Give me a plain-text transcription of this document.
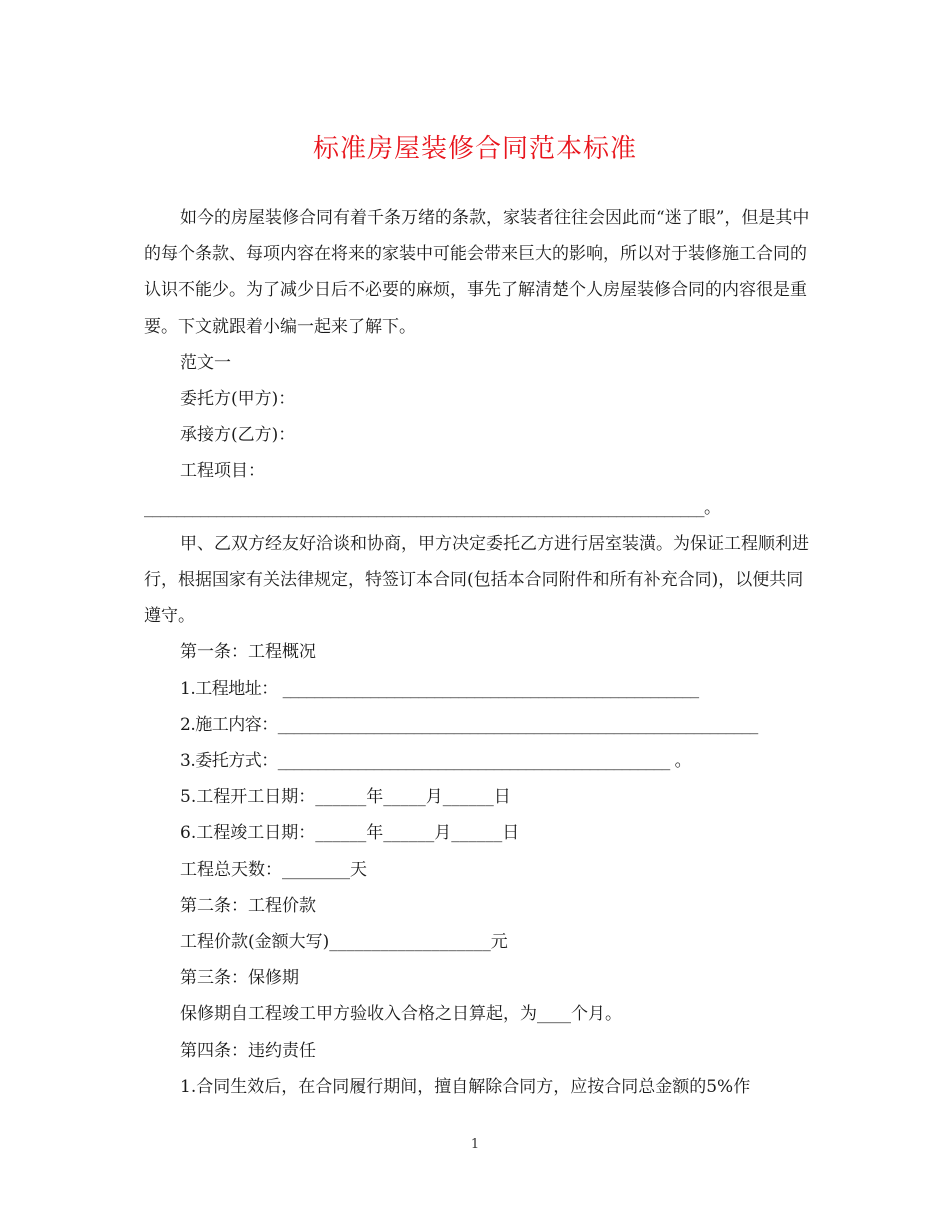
标准房屋装修合同范本标准

如今的房屋装修合同有着千条万绪的条款，家装者往往会因此而“迷了眼”，但是其中的每个条款、每项内容在将来的家装中可能会带来巨大的影响，所以对于装修施工合同的认识不能少。为了减少日后不必要的麻烦，事先了解清楚个人房屋装修合同的内容很是重要。下文就跟着小编一起来了解下。

范文一

委托方(甲方)：

承接方(乙方)：

工程项目：

______________________________________________________________________。

甲、乙双方经友好洽谈和协商，甲方决定委托乙方进行居室装潢。为保证工程顺利进行，根据国家有关法律规定，特签订本合同(包括本合同附件和所有补充合同)，以便共同遵守。

第一条：工程概况

1.工程地址： ____________________________________________________

2.施工内容：____________________________________________________________

3.委托方式：_________________________________________________ 。

5.工程开工日期：______年_____月______日

6.工程竣工日期：______年______月______日

工程总天数：________天

第二条：工程价款

工程价款(金额大写)___________________元

第三条：保修期

保修期自工程竣工甲方验收入合格之日算起，为____个月。

第四条：违约责任

1.合同生效后，在合同履行期间，擅自解除合同方，应按合同总金额的5%作

1
